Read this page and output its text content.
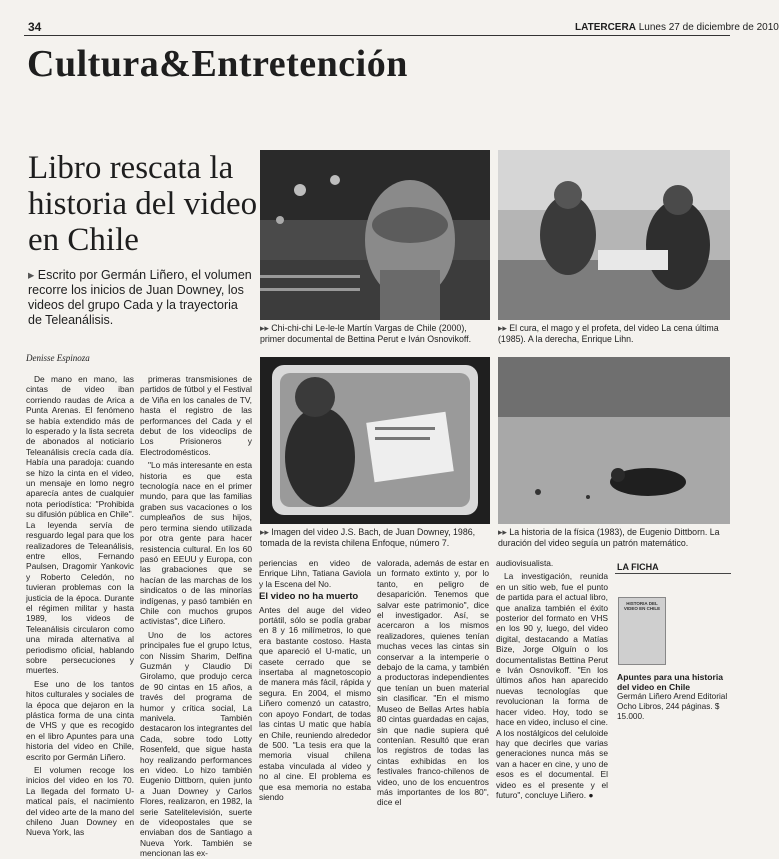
34	LATERCERA Lunes 27 de diciembre de 2010
Cultura&Entretención
Libro rescata la historia del video en Chile
▸ Escrito por Germán Liñero, el volumen recorre los inicios de Juan Downey, los videos del grupo Cada y la trayectoria de Teleanálisis.
Denisse Espinoza

De mano en mano, las cintas de video iban corriendo raudas de Arica a Punta Arenas. El fenómeno se había extendido más de lo esperado y la lista secreta de abonados al noticiario Teleanálisis crecía cada día. Había una paradoja: cuando se hizo la cinta en el video, un mensaje en lomo negro aparecía antes de cualquier nota periodística: "Prohibida su difusión pública en Chile". La leyenda servía de resguardo legal para que los realizadores de Teleanálisis, entre ellos, Fernando Paulsen, Dragomir Yankovic y Roberto Celedón, no tuvieran problemas con la justicia de la época. Durante el régimen militar y hasta 1989, los videos de Teleanálisis circularon como una mirada alternativa al periodismo oficial, hablando sobre persecuciones y muertes.

Ese uno de los tantos hitos culturales y sociales de la época que dejaron en la plástica forma de una cinta de VHS y que es recogido en el libro Apuntes para una historia del video en Chile, escrito por Germán Liñero.

El volumen recoge los inicios del video en los 70. La llegada del formato U-matical país, el nacimiento del video arte de la mano del chileno Juan Downey en Nueva York, las

primeras transmisiones de partidos de fútbol y el Festival de Viña en los canales de TV, hasta el registro de las performances del Cada y el debut de los videoclips de Los Prisioneros y Electrodomésticos.

"Lo más interesante en esta historia es que esta tecnología nace en el primer mundo, para que las familias graben sus vacaciones o los cumpleaños de sus hijos, pero termina siendo utilizada por otra gente para hacer resistencia cultural. En los 60 pasó en EEUU y Europa, con las grabaciones que se hacían de las marchas de los sindicatos o de las minorías indígenas, y pasó también en Chile con muchos grupos activistas", dice Liñero.

Uno de los actores principales fue el grupo Ictus, con Nissim Sharim, Delfina Guzmán y Claudio Di Girolamo, que produjo cerca de 90 cintas en 15 años, a través del programa de humor y crítica social, La manivela. También destacaron los integrantes del Cada, sobre todo Lotty Rosenfeld, que sigue hasta hoy realizando performances en video. Lo hizo también Eugenio Dittborn, quien junto a Juan Downey y Carlos Flores, realizaron, en 1982, la serie Satelitelevisión, suerte de videopostales que se enviaban dos de Santiago a Nueva York. También se mencionan las ex-

periencias en video de Enrique Lihn, Tatiana Gaviola y la Escena del No.

El video no ha muerto

Antes del auge del video portátil, sólo se podía grabar en 8 y 16 milímetros, lo que era bastante costoso. Hasta que apareció el U-matic, un casete cerrado que se insertaba al magnetoscopio de manera más fácil, rápida y segura. En 2004, el mismo Liñero comenzó un catastro, con apoyo Fondart, de todas las cintas U matic que había en Chile, reuniendo alrededor de 500. "La tesis era que la memoria visual chilena estaba vinculada al video y no al cine. El problema es que esa memoria no estaba siendo

valorada, además de estar en un formato extinto y, por lo tanto, en peligro de desaparición. Tenemos que salvar este patrimonio", dice el investigador. Así, se acercaron a los mismos realizadores, quienes tenían muchas veces las cintas sin conservar a la intemperie o debajo de la cama, y también a productoras independientes que tenían un buen material sin clasificar. "En el mismo Museo de Bellas Artes había 80 cintas guardadas en cajas, sin que nadie supiera qué contenían. Resultó que eran los registros de todas las cintas exhibidas en los festivales franco-chilenos de video, uno de los encuentros más importantes de los 80", dice el

audiovisualista.

La investigación, reunida en un sitio web, fue el punto de partida para el actual libro, que analiza también el éxito posterior del formato en VHS en los 90 y, luego, del video digital, destacando a Matías Bize, Jorge Olguín o los documentalistas Bettina Perut e Iván Osnovikoff. "En los últimos años han aparecido nuevas tecnologías que revolucionan la forma de hacer video. Hoy, todo se hace en video, incluso el cine. A los nostálgicos del celuloide hay que decirles que varias generaciones nunca más se van a hacer en cine, y uno de esos es el documental. El video es el presente y el futuro", concluye Liñero. ●

▸▸ Chi-chi-chi Le-le-le Martín Vargas de Chile (2000), primer documental de Bettina Perut e Iván Osnovikoff.
▸▸ El cura, el mago y el profeta, del video La cena última (1985). A la derecha, Enrique Lihn.
▸▸ Imagen del video J.S. Bach, de Juan Downey, 1986, tomada de la revista chilena Enfoque, número 7.
▸▸ La historia de la física (1983), de Eugenio Dittborn. La duración del video seguía un patrón matemático.
LA FICHA
HISTORIA DEL VIDEO EN CHILE
Apuntes para una historia del video en Chile
Germán Liñero Arend Editorial Ocho Libros, 244 páginas. $ 15.000.
